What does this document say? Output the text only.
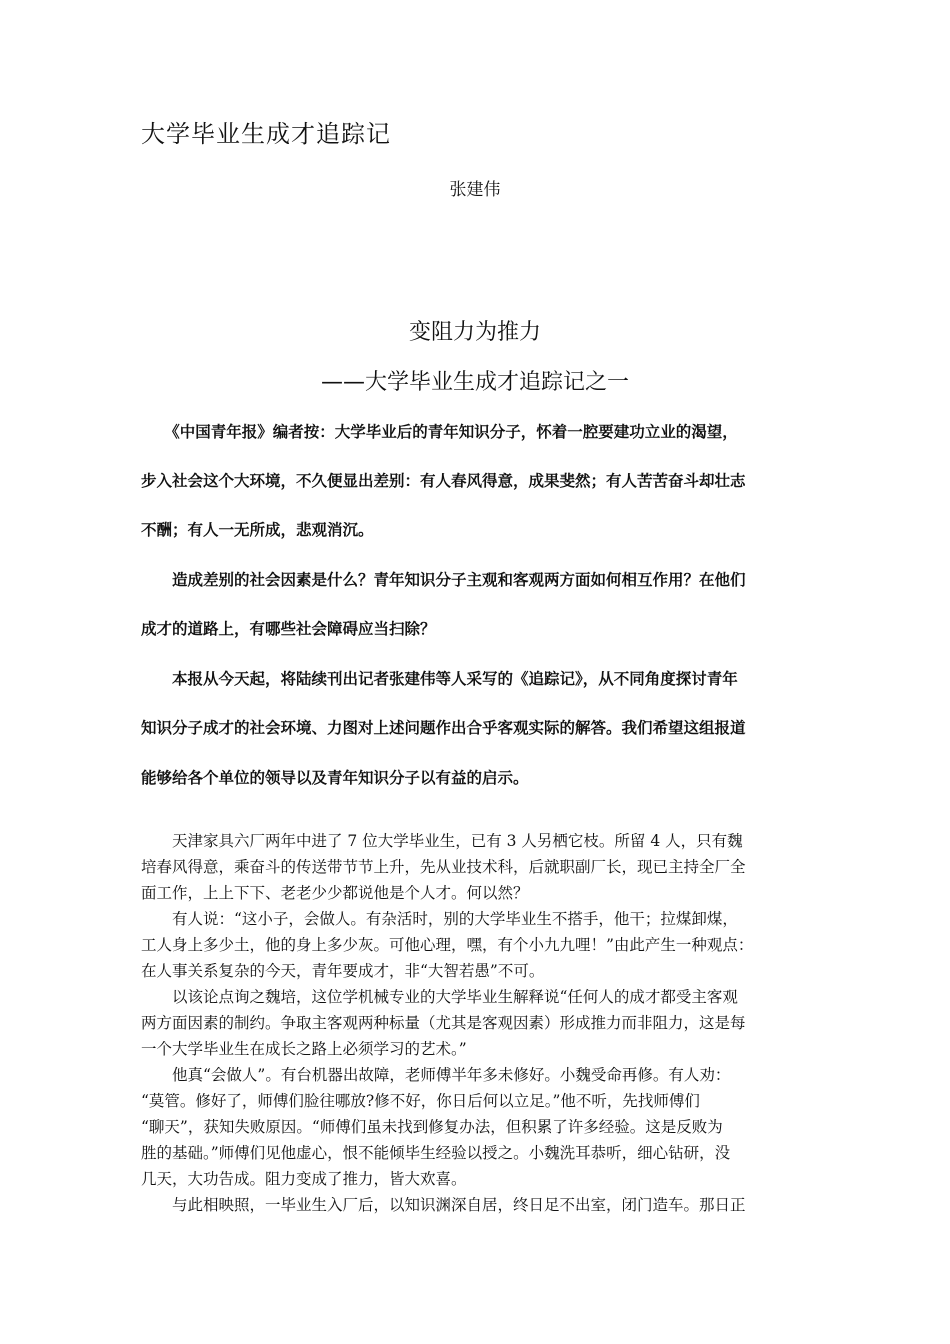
大学毕业生成才追踪记
张建伟
变阻力为推力
——大学毕业生成才追踪记之一
　　《中国青年报》编者按：大学毕业后的青年知识分子，怀着一腔要建功立业的渴望，
步入社会这个大环境，不久便显出差别：有人春风得意，成果斐然；有人苦苦奋斗却壮志
不酬；有人一无所成，悲观消沉。
　　造成差别的社会因素是什么？青年知识分子主观和客观两方面如何相互作用？在他们
成才的道路上，有哪些社会障碍应当扫除？
　　本报从今天起，将陆续刊出记者张建伟等人采写的《追踪记》，从不同角度探讨青年
知识分子成才的社会环境、力图对上述问题作出合乎客观实际的解答。我们希望这组报道
能够给各个单位的领导以及青年知识分子以有益的启示。
　　天津家具六厂两年中进了 7 位大学毕业生，已有 3 人另栖它枝。所留 4 人，只有魏
培春风得意，乘奋斗的传送带节节上升，先从业技术科，后就职副厂长，现已主持全厂全
面工作，上上下下、老老少少都说他是个人才。何以然？
　　有人说：“这小子，会做人。有杂活时，别的大学毕业生不搭手，他干；拉煤卸煤，
工人身上多少土，他的身上多少灰。可他心理，嘿，有个小九九哩！”由此产生一种观点：
在人事关系复杂的今天，青年要成才，非“大智若愚”不可。
　　以该论点询之魏培，这位学机械专业的大学毕业生解释说“任何人的成才都受主客观
两方面因素的制约。争取主客观两种标量（尤其是客观因素）形成推力而非阻力，这是每
一个大学毕业生在成长之路上必须学习的艺术。”
　　他真“会做人”。有台机器出故障，老师傅半年多未修好。小魏受命再修。有人劝：
“莫管。修好了，师傅们脸往哪放?修不好，你日后何以立足。”他不听，先找师傅们
“聊天”，获知失败原因。“师傅们虽未找到修复办法，但积累了许多经验。这是反败为
胜的基础。”师傅们见他虚心，恨不能倾毕生经验以授之。小魏洗耳恭听，细心钻研，没
几天，大功告成。阻力变成了推力，皆大欢喜。
　　与此相映照，一毕业生入厂后，以知识渊深自居，终日足不出室，闭门造车。那日正
